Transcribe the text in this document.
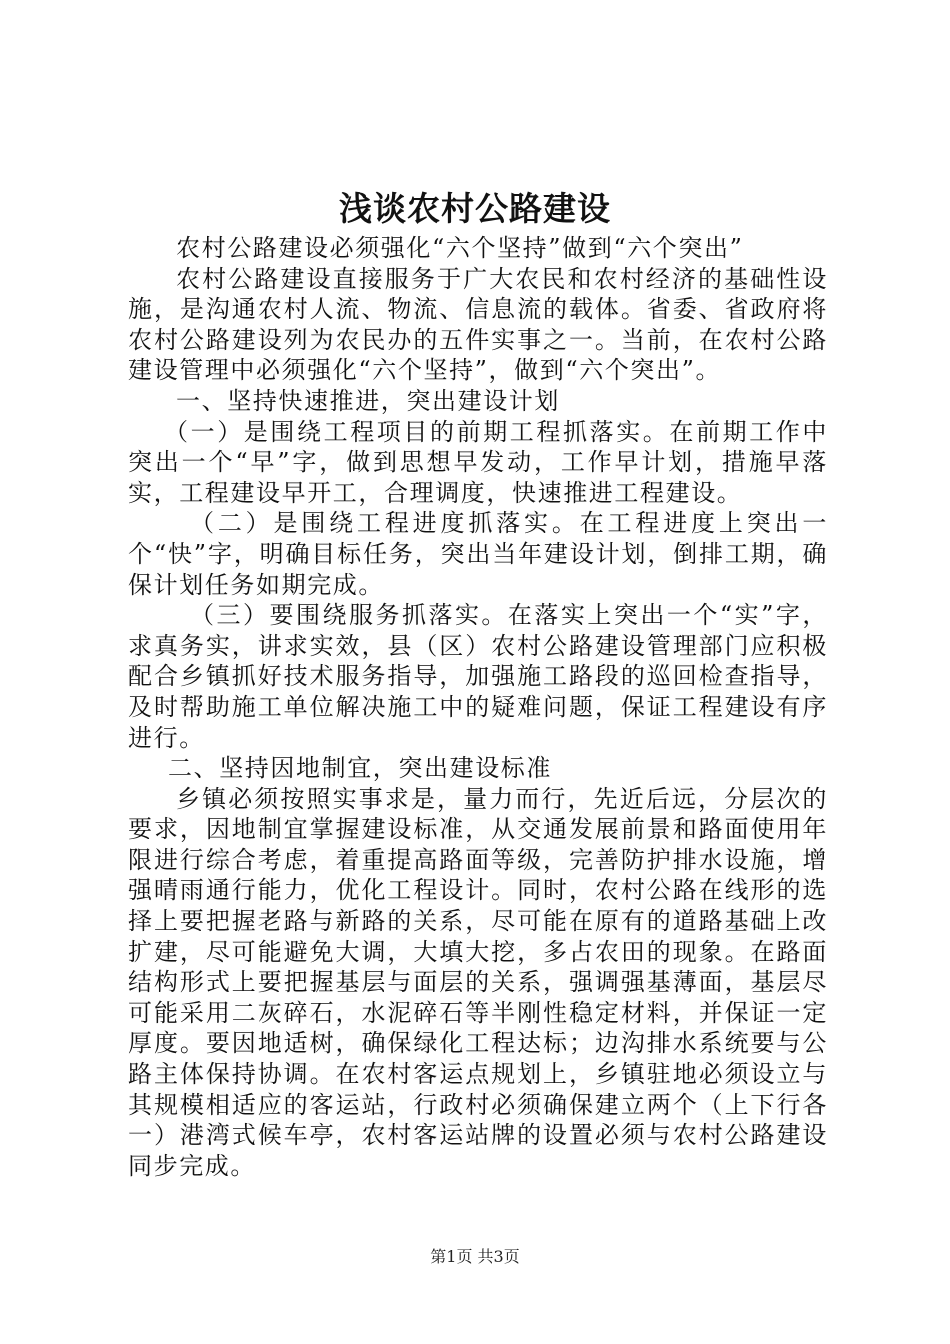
浅谈农村公路建设

农村公路建设必须强化“六个坚持”做到“六个突出”

农村公路建设直接服务于广大农民和农村经济的基础性设施，是沟通农村人流、物流、信息流的载体。省委、省政府将农村公路建设列为农民办的五件实事之一。当前，在农村公路建设管理中必须强化“六个坚持”，做到“六个突出”。

一、坚持快速推进，突出建设计划

（一）是围绕工程项目的前期工程抓落实。在前期工作中突出一个“早”字，做到思想早发动，工作早计划，措施早落实，工程建设早开工，合理调度，快速推进工程建设。

（二）是围绕工程进度抓落实。在工程进度上突出一个“快”字，明确目标任务，突出当年建设计划，倒排工期，确保计划任务如期完成。

（三）要围绕服务抓落实。在落实上突出一个“实”字，求真务实，讲求实效，县（区）农村公路建设管理部门应积极配合乡镇抓好技术服务指导，加强施工路段的巡回检查指导，及时帮助施工单位解决施工中的疑难问题，保证工程建设有序进行。

二、坚持因地制宜，突出建设标准

乡镇必须按照实事求是，量力而行，先近后远，分层次的要求，因地制宜掌握建设标准，从交通发展前景和路面使用年限进行综合考虑，着重提高路面等级，完善防护排水设施，增强晴雨通行能力，优化工程设计。同时，农村公路在线形的选择上要把握老路与新路的关系，尽可能在原有的道路基础上改扩建，尽可能避免大调，大填大挖，多占农田的现象。在路面结构形式上要把握基层与面层的关系，强调强基薄面，基层尽可能采用二灰碎石，水泥碎石等半刚性稳定材料，并保证一定厚度。要因地适树，确保绿化工程达标；边沟排水系统要与公路主体保持协调。在农村客运点规划上，乡镇驻地必须设立与其规模相适应的客运站，行政村必须确保建立两个（上下行各一）港湾式候车亭，农村客运站牌的设置必须与农村公路建设同步完成。

第1页 共3页
